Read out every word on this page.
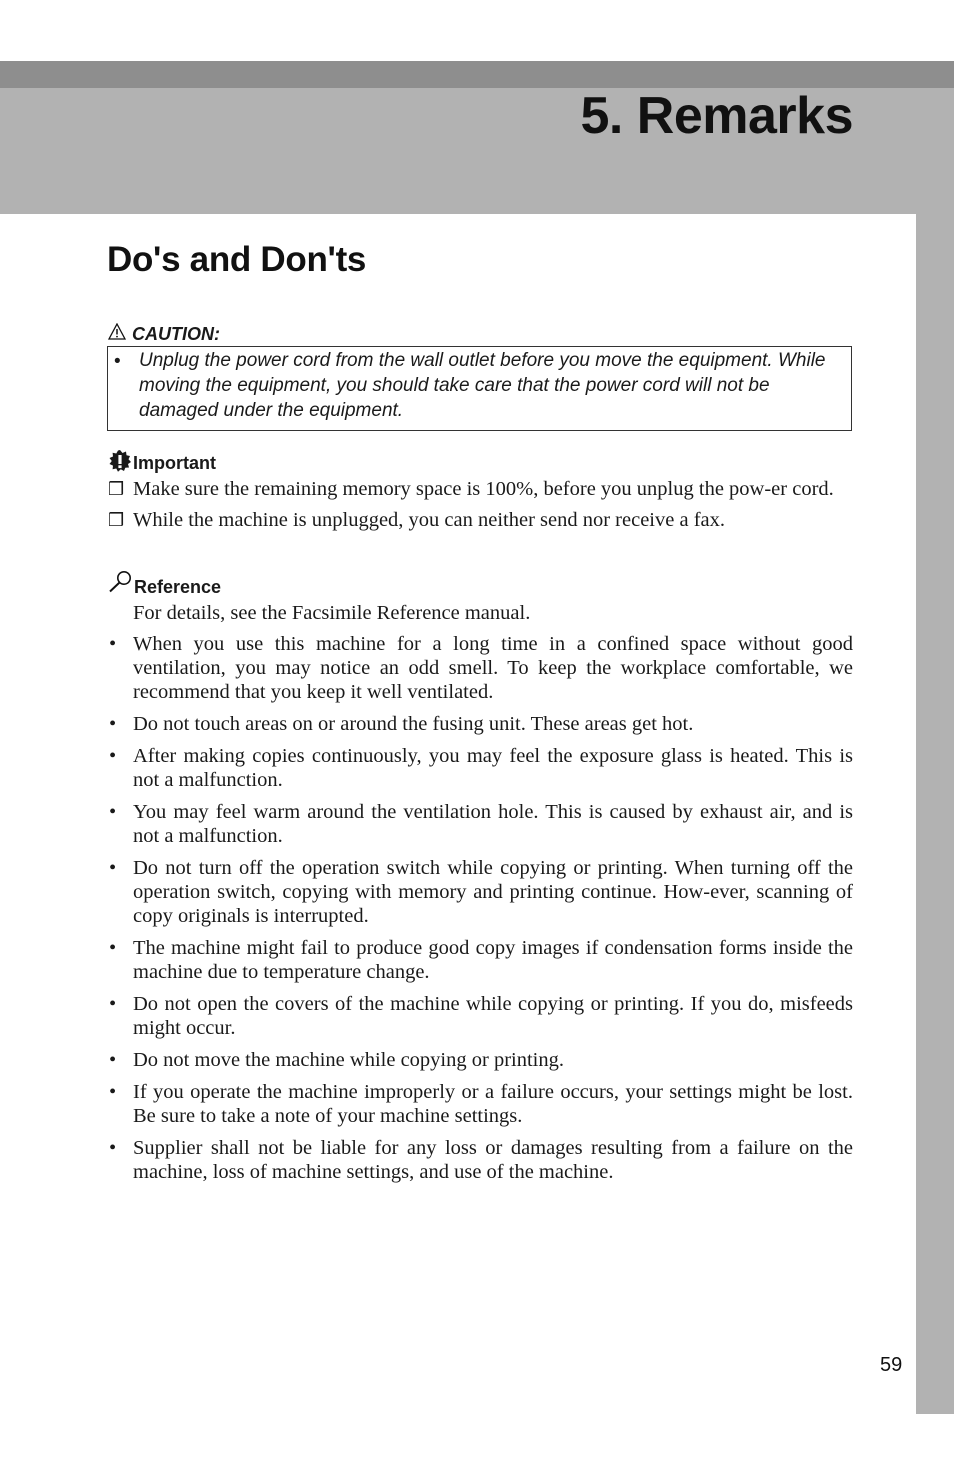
5. Remarks
Do's and Don'ts
CAUTION:
• Unplug the power cord from the wall outlet before you move the equipment. While moving the equipment, you should take care that the power cord will not be damaged under the equipment.
Important
❒ Make sure the remaining memory space is 100%, before you unplug the pow-er cord.
❒ While the machine is unplugged, you can neither send nor receive a fax.
Reference
For details, see the Facsimile Reference manual.
• When you use this machine for a long time in a confined space without good ventilation, you may notice an odd smell. To keep the workplace comfortable, we recommend that you keep it well ventilated.
• Do not touch areas on or around the fusing unit. These areas get hot.
• After making copies continuously, you may feel the exposure glass is heated. This is not a malfunction.
• You may feel warm around the ventilation hole. This is caused by exhaust air, and is not a malfunction.
• Do not turn off the operation switch while copying or printing. When turning off the operation switch, copying with memory and printing continue. How-ever, scanning of copy originals is interrupted.
• The machine might fail to produce good copy images if condensation forms inside the machine due to temperature change.
• Do not open the covers of the machine while copying or printing. If you do, misfeeds might occur.
• Do not move the machine while copying or printing.
• If you operate the machine improperly or a failure occurs, your settings might be lost. Be sure to take a note of your machine settings.
• Supplier shall not be liable for any loss or damages resulting from a failure on the machine, loss of machine settings, and use of the machine.
59
